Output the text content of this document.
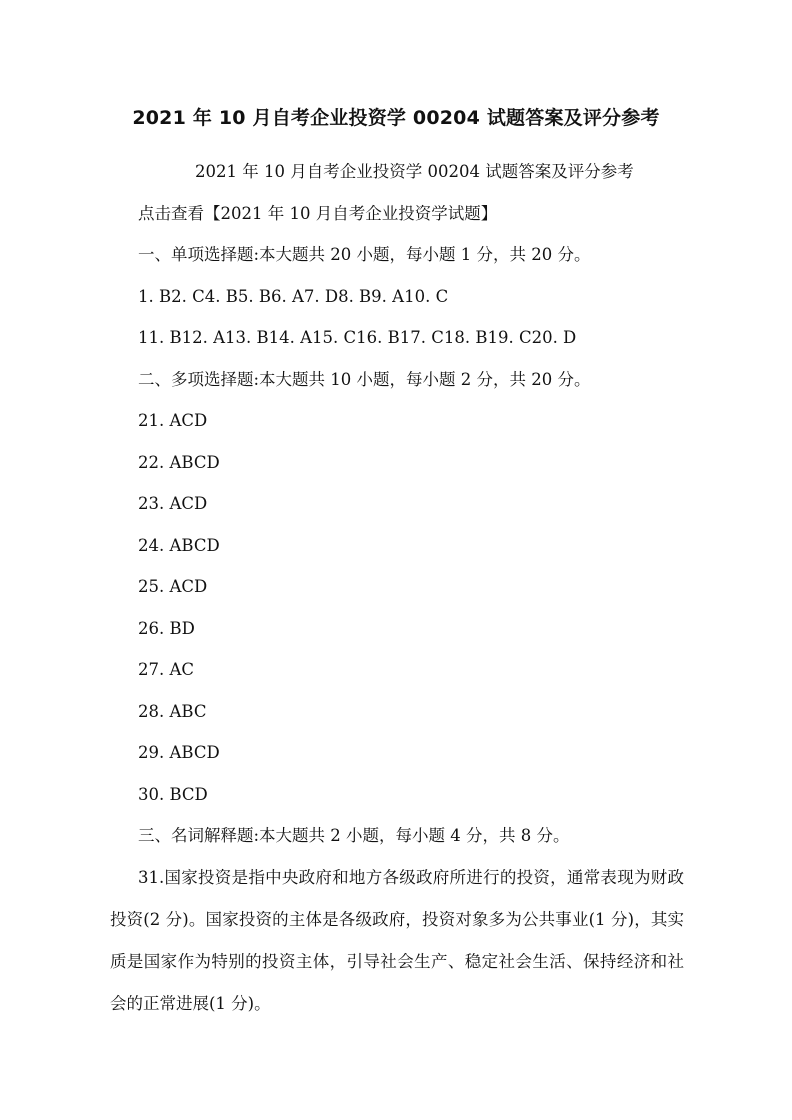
2021 年 10 月自考企业投资学 00204 试题答案及评分参考
2021 年 10 月自考企业投资学 00204 试题答案及评分参考
点击查看【2021 年 10 月自考企业投资学试题】
一、单项选择题:本大题共 20 小题，每小题 1 分，共 20 分。
1. B2. C4. B5. B6. A7. D8. B9. A10. C
11. B12. A13. B14. A15. C16. B17. C18. B19. C20. D
二、多项选择题:本大题共 10 小题，每小题 2 分，共 20 分。
21. ACD
22. ABCD
23. ACD
24. ABCD
25. ACD
26. BD
27. AC
28. ABC
29. ABCD
30. BCD
三、名词解释题:本大题共 2 小题，每小题 4 分，共 8 分。
31.国家投资是指中央政府和地方各级政府所进行的投资，通常表现为财政投资(2 分)。国家投资的主体是各级政府，投资对象多为公共事业(1 分)，其实质是国家作为特别的投资主体，引导社会生产、稳定社会生活、保持经济和社会的正常进展(1 分)。
